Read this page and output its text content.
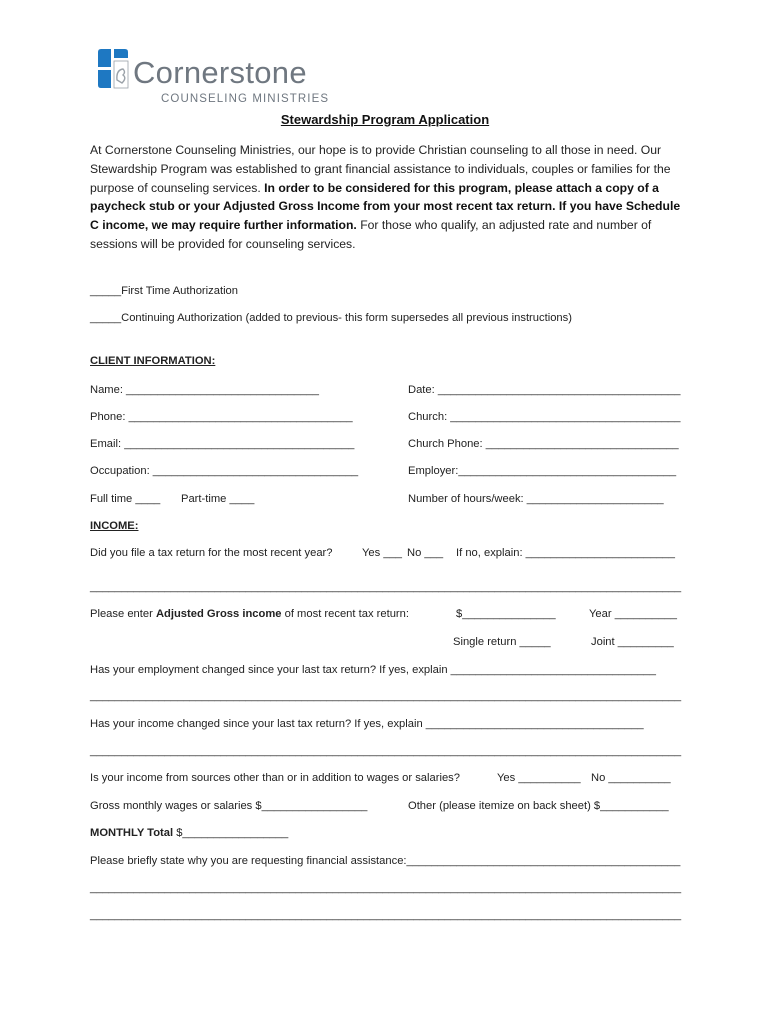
Cornerstone
COUNSELING MINISTRIES
Stewardship Program Application
At Cornerstone Counseling Ministries, our hope is to provide Christian counseling to all those in need. Our Stewardship Program was established to grant financial assistance to individuals, couples or families for the purpose of counseling services. In order to be considered for this program, please attach a copy of a paycheck stub or your Adjusted Gross Income from your most recent tax return. If you have Schedule C income, we may require further information. For those who qualify, an adjusted rate and number of sessions will be provided for counseling services.
_____First Time Authorization
_____Continuing Authorization (added to previous- this form supersedes all previous instructions)
CLIENT INFORMATION:
Name: _______________________________	Date: _______________________________________
Phone: ____________________________________	Church: _____________________________________
Email: _____________________________________	Church Phone: _______________________________
Occupation: _________________________________	Employer:___________________________________
Full time ____ Part-time ____	Number of hours/week: ______________________
INCOME:
Did you file a tax return for the most recent year?	Yes ___ No ___ If no, explain: ________________________
_______________________________________________________________________________________________
Please enter Adjusted Gross income of most recent tax return:	$_______________	Year __________
Single return _____	Joint _________
Has your employment changed since your last tax return? If yes, explain _________________________________
_______________________________________________________________________________________________
Has your income changed since your last tax return? If yes, explain ___________________________________
_______________________________________________________________________________________________
Is your income from sources other than or in addition to wages or salaries?	Yes __________ No __________
Gross monthly wages or salaries $_________________	Other (please itemize on back sheet) $___________
MONTHLY Total $_________________
Please briefly state why you are requesting financial assistance:____________________________________________
_______________________________________________________________________________________________
_______________________________________________________________________________________________
